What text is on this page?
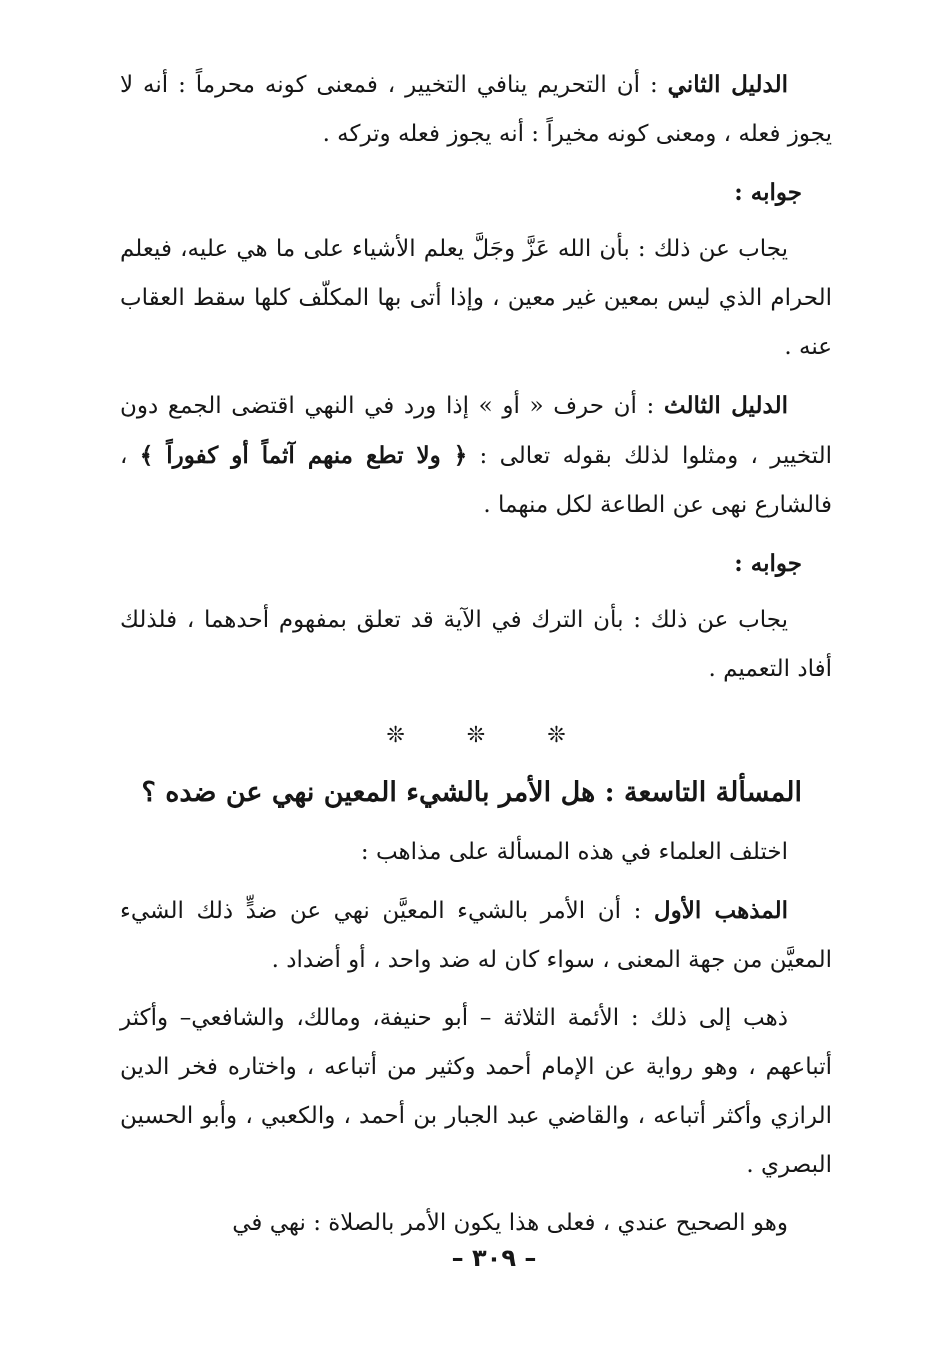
الدليل الثاني : أن التحريم ينافي التخيير ، فمعنى كونه محرماً : أنه لا يجوز فعله ، ومعنى كونه مخيراً : أنه يجوز فعله وتركه .

جوابه :

يجاب عن ذلك : بأن الله عَزَّ وجَلَّ يعلم الأشياء على ما هي عليه، فيعلم الحرام الذي ليس بمعين غير معين ، وإذا أتى بها المكلّف كلها سقط العقاب عنه .

الدليل الثالث : أن حرف « أو » إذا ورد في النهي اقتضى الجمع دون التخيير ، ومثلوا لذلك بقوله تعالى : ﴿ ولا تطع منهم آثماً أو كفوراً ﴾ ، فالشارع نهى عن الطاعة لكل منهما .

جوابه :

يجاب عن ذلك : بأن الترك في الآية قد تعلق بمفهوم أحدهما ، فلذلك أفاد التعميم .

❊❊❊
المسألة التاسعة : هل الأمر بالشيء المعين نهي عن ضده ؟

اختلف العلماء في هذه المسألة على مذاهب :

المذهب الأول : أن الأمر بالشيء المعيَّن نهي عن ضدٍّ ذلك الشيء المعيَّن من جهة المعنى ، سواء كان له ضد واحد ، أو أضداد .

ذهب إلى ذلك : الأئمة الثلاثة – أبو حنيفة، ومالك، والشافعي– وأكثر أتباعهم ، وهو رواية عن الإمام أحمد وكثير من أتباعه ، واختاره فخر الدين الرازي وأكثر أتباعه ، والقاضي عبد الجبار بن أحمد ، والكعبي ، وأبو الحسين البصري .

وهو الصحيح عندي ، فعلى هذا يكون الأمر بالصلاة : نهي في

– ٣٠٩ –
